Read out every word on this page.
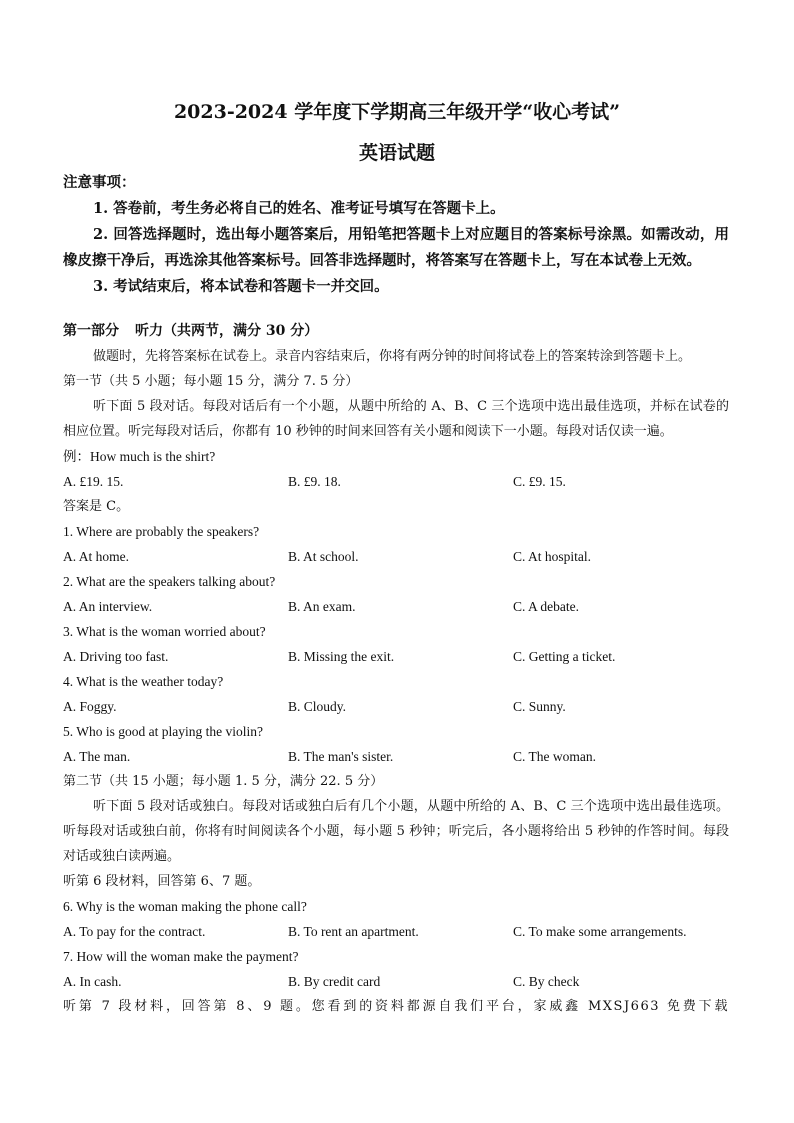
2023-2024 学年度下学期高三年级开学“收心考试”
英语试题

注意事项：

1. 答卷前，考生务必将自己的姓名、准考证号填写在答题卡上。

2. 回答选择题时，选出每小题答案后，用铅笔把答题卡上对应题目的答案标号涂黑。如需改动，用橡皮擦干净后，再选涂其他答案标号。回答非选择题时，将答案写在答题卡上，写在本试卷上无效。

3. 考试结束后，将本试卷和答题卡一并交回。

第一部分 听力（共两节，满分 30 分）

做题时，先将答案标在试卷上。录音内容结束后，你将有两分钟的时间将试卷上的答案转涂到答题卡上。

第一节（共 5 小题；每小题 15 分，满分 7. 5 分）

听下面 5 段对话。每段对话后有一个小题，从题中所给的 A、B、C 三个选项中选出最佳选项，并标在试卷的相应位置。听完每段对话后，你都有 10 秒钟的时间来回答有关小题和阅读下一小题。每段对话仅读一遍。

例：How much is the shirt?

A. £19. 15.	B. £9. 18.	C. £9. 15.

答案是 C。

1. Where are probably the speakers?

A. At home.	B. At school.	C. At hospital.

2. What are the speakers talking about?

A. An interview.	B. An exam.	C. A debate.

3. What is the woman worried about?

A. Driving too fast.	B. Missing the exit.	C. Getting a ticket.

4. What is the weather today?

A. Foggy.	B. Cloudy.	C. Sunny.

5. Who is good at playing the violin?

A. The man.	B. The man's sister.	C. The woman.

第二节（共 15 小题；每小题 1. 5 分，满分 22. 5 分）

听下面 5 段对话或独白。每段对话或独白后有几个小题，从题中所给的 A、B、C 三个选项中选出最佳选项。听每段对话或独白前，你将有时间阅读各个小题，每小题 5 秒钟；听完后，各小题将给出 5 秒钟的作答时间。每段对话或独白读两遍。

听第 6 段材料，回答第 6、7 题。

6. Why is the woman making the phone call?

A. To pay for the contract.	B. To rent an apartment.	C. To make some arrangements.

7. How will the woman make the payment?

A. In cash.	B. By credit card	C. By check

听第 7 段材料，回答第 8、9 题。您看到的资料都源自我们平台，家威鑫 MXSJ663 免费下载
